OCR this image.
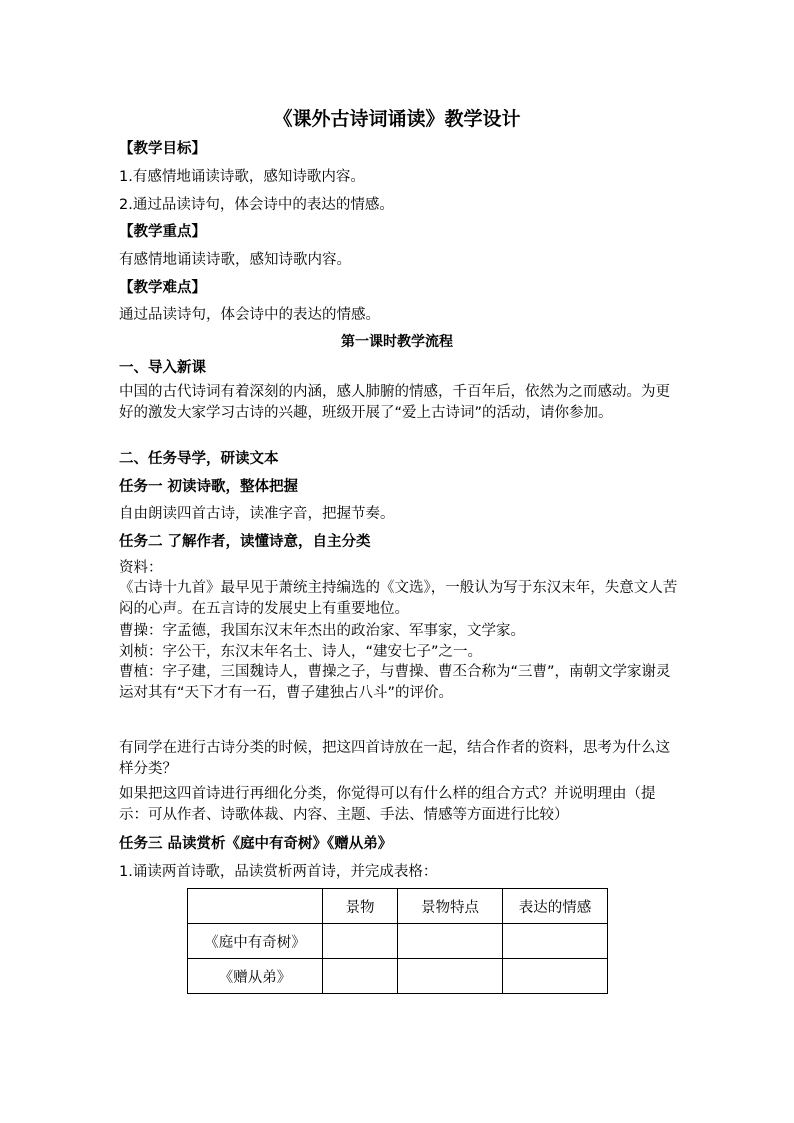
《课外古诗词诵读》教学设计
【教学目标】
1.有感情地诵读诗歌，感知诗歌内容。
2.通过品读诗句，体会诗中的表达的情感。
【教学重点】
有感情地诵读诗歌，感知诗歌内容。
【教学难点】
通过品读诗句，体会诗中的表达的情感。
第一课时教学流程
一、导入新课
中国的古代诗词有着深刻的内涵，感人肺腑的情感，千百年后，依然为之而感动。为更好的激发大家学习古诗的兴趣，班级开展了“爱上古诗词”的活动，请你参加。
二、任务导学，研读文本
任务一 初读诗歌，整体把握
自由朗读四首古诗，读准字音，把握节奏。
任务二 了解作者，读懂诗意，自主分类
资料：
《古诗十九首》最早见于萧统主持编选的《文选》，一般认为写于东汉末年，失意文人苦闷的心声。在五言诗的发展史上有重要地位。
曹操：字孟德，我国东汉末年杰出的政治家、军事家，文学家。
刘桢：字公干，东汉末年名士、诗人，“建安七子”之一。
曹植：字子建，三国魏诗人，曹操之子，与曹操、曹丕合称为“三曹”，南朝文学家谢灵运对其有“天下才有一石，曹子建独占八斗”的评价。
有同学在进行古诗分类的时候，把这四首诗放在一起，结合作者的资料，思考为什么这样分类？
如果把这四首诗进行再细化分类，你觉得可以有什么样的组合方式？并说明理由（提示：可从作者、诗歌体裁、内容、主题、手法、情感等方面进行比较）
任务三 品读赏析《庭中有奇树》《赠从弟》
1.诵读两首诗歌，品读赏析两首诗，并完成表格：
	景物	景物特点	表达的情感
《庭中有奇树》			
《赠从弟》			
